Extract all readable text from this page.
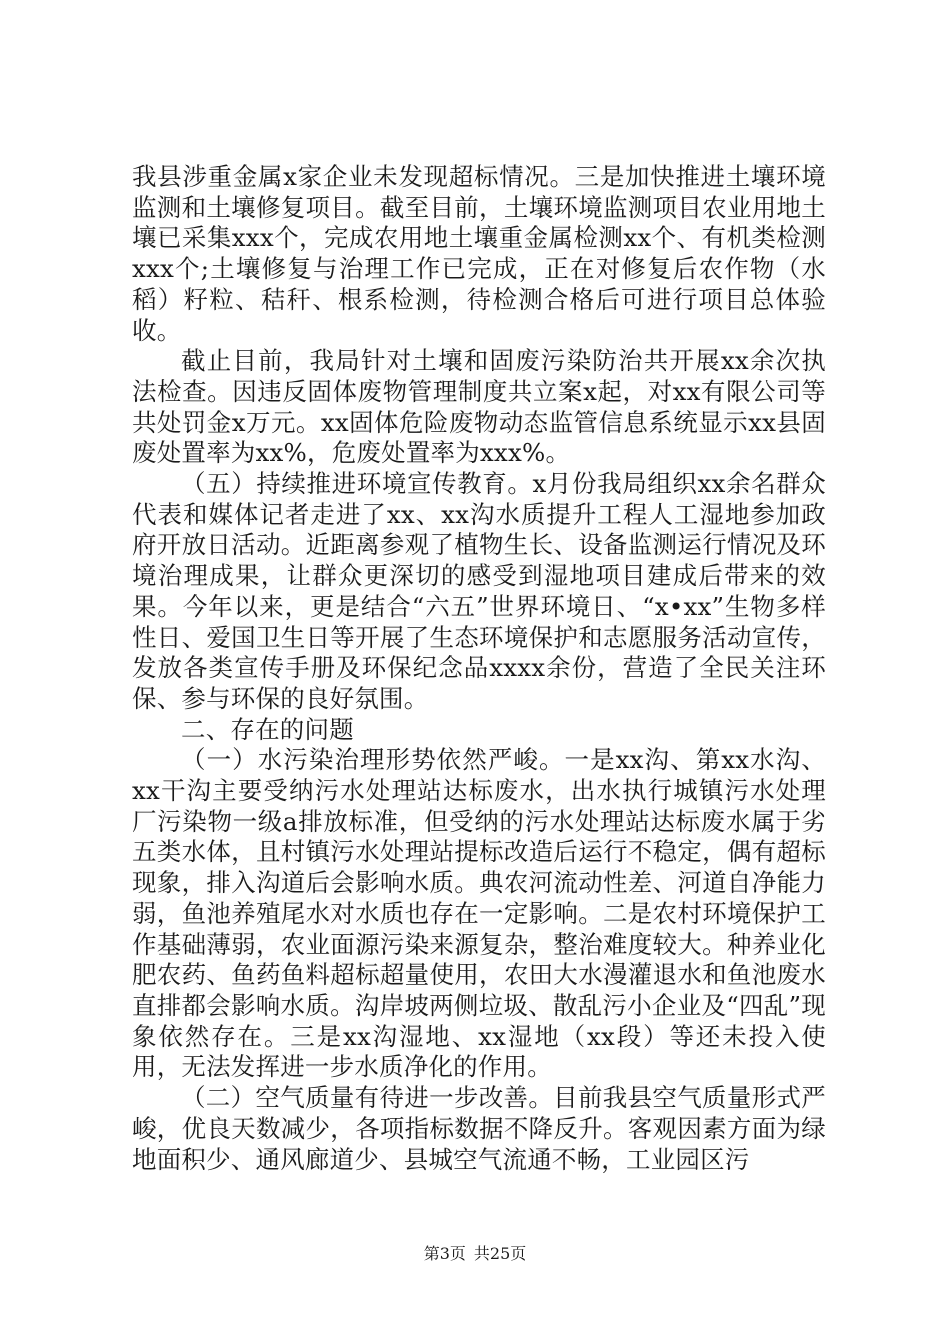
我县涉重金属x家企业未发现超标情况。三是加快推进土壤环境监测和土壤修复项目。截至目前，土壤环境监测项目农业用地土壤已采集xxx个，完成农用地土壤重金属检测xx个、有机类检测xxx个;土壤修复与治理工作已完成，正在对修复后农作物（水稻）籽粒、秸秆、根系检测，待检测合格后可进行项目总体验收。

截止目前，我局针对土壤和固废污染防治共开展xx余次执法检查。因违反固体废物管理制度共立案x起，对xx有限公司等共处罚金x万元。xx固体危险废物动态监管信息系统显示xx县固废处置率为xx%，危废处置率为xxx%。

（五）持续推进环境宣传教育。x月份我局组织xx余名群众代表和媒体记者走进了xx、xx沟水质提升工程人工湿地参加政府开放日活动。近距离参观了植物生长、设备监测运行情况及环境治理成果，让群众更深切的感受到湿地项目建成后带来的效果。今年以来，更是结合“六五”世界环境日、“x•xx”生物多样性日、爱国卫生日等开展了生态环境保护和志愿服务活动宣传，发放各类宣传手册及环保纪念品xxxx余份，营造了全民关注环保、参与环保的良好氛围。

二、存在的问题

（一）水污染治理形势依然严峻。一是xx沟、第xx水沟、xx干沟主要受纳污水处理站达标废水，出水执行城镇污水处理厂污染物一级a排放标准，但受纳的污水处理站达标废水属于劣五类水体，且村镇污水处理站提标改造后运行不稳定，偶有超标现象，排入沟道后会影响水质。典农河流动性差、河道自净能力弱，鱼池养殖尾水对水质也存在一定影响。二是农村环境保护工作基础薄弱，农业面源污染来源复杂，整治难度较大。种养业化肥农药、鱼药鱼料超标超量使用，农田大水漫灌退水和鱼池废水直排都会影响水质。沟岸坡两侧垃圾、散乱污小企业及“四乱”现象依然存在。三是xx沟湿地、xx湿地（xx段）等还未投入使用，无法发挥进一步水质净化的作用。

（二）空气质量有待进一步改善。目前我县空气质量形式严峻，优良天数减少，各项指标数据不降反升。客观因素方面为绿地面积少、通风廊道少、县城空气流通不畅，工业园区污

第3页 共25页
